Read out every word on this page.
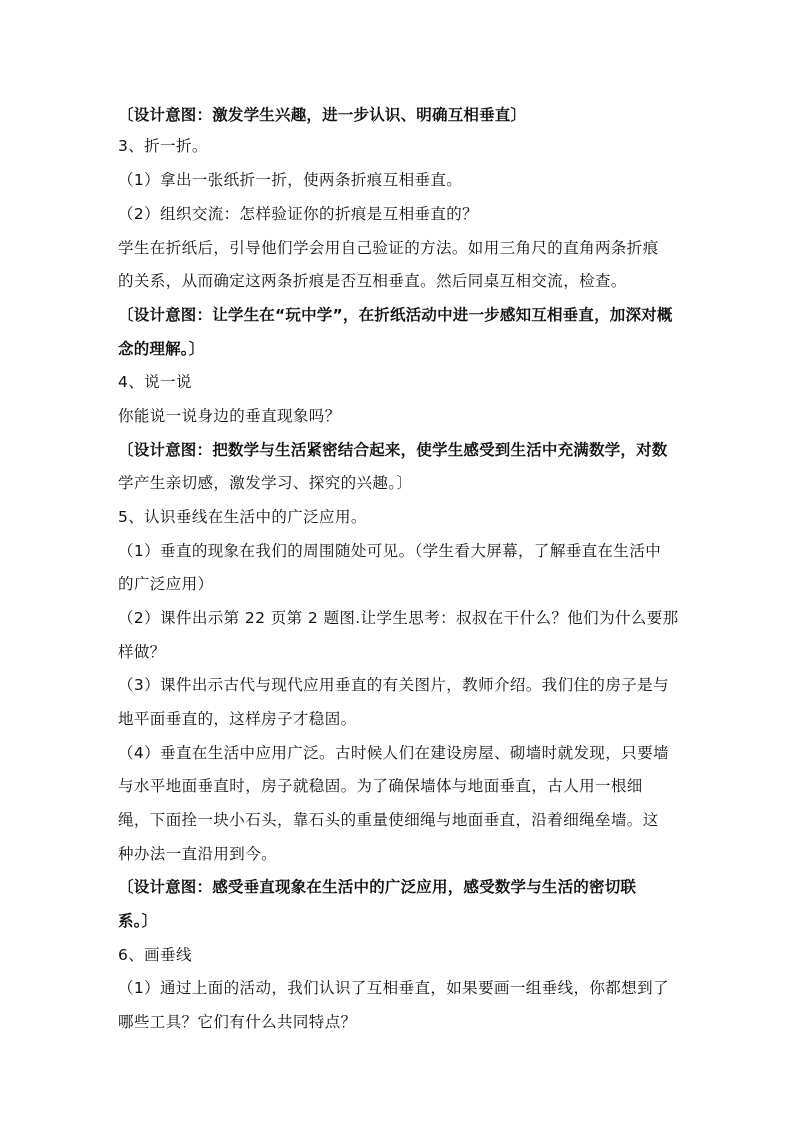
〔设计意图：激发学生兴趣，进一步认识、明确互相垂直〕
3、折一折。
（1）拿出一张纸折一折，使两条折痕互相垂直。
（2）组织交流：怎样验证你的折痕是互相垂直的？
学生在折纸后，引导他们学会用自己验证的方法。如用三角尺的直角两条折痕
的关系，从而确定这两条折痕是否互相垂直。然后同桌互相交流，检查。
〔设计意图：让学生在“玩中学”，在折纸活动中进一步感知互相垂直，加深对概
念的理解。〕
4、说一说
你能说一说身边的垂直现象吗？
〔设计意图：把数学与生活紧密结合起来，使学生感受到生活中充满数学，对数
学产生亲切感，激发学习、探究的兴趣。〕
5、认识垂线在生活中的广泛应用。
（1）垂直的现象在我们的周围随处可见。（学生看大屏幕，了解垂直在生活中
的广泛应用）
（2）课件出示第 22 页第 2 题图.让学生思考：叔叔在干什么？他们为什么要那
样做？
（3）课件出示古代与现代应用垂直的有关图片，教师介绍。我们住的房子是与
地平面垂直的，这样房子才稳固。
（4）垂直在生活中应用广泛。古时候人们在建设房屋、砌墙时就发现，只要墙
与水平地面垂直时，房子就稳固。为了确保墙体与地面垂直，古人用一根细
绳，下面拴一块小石头，靠石头的重量使细绳与地面垂直，沿着细绳垒墙。这
种办法一直沿用到今。
〔设计意图：感受垂直现象在生活中的广泛应用，感受数学与生活的密切联
系。〕
6、画垂线
（1）通过上面的活动，我们认识了互相垂直，如果要画一组垂线，你都想到了
哪些工具？它们有什么共同特点？
